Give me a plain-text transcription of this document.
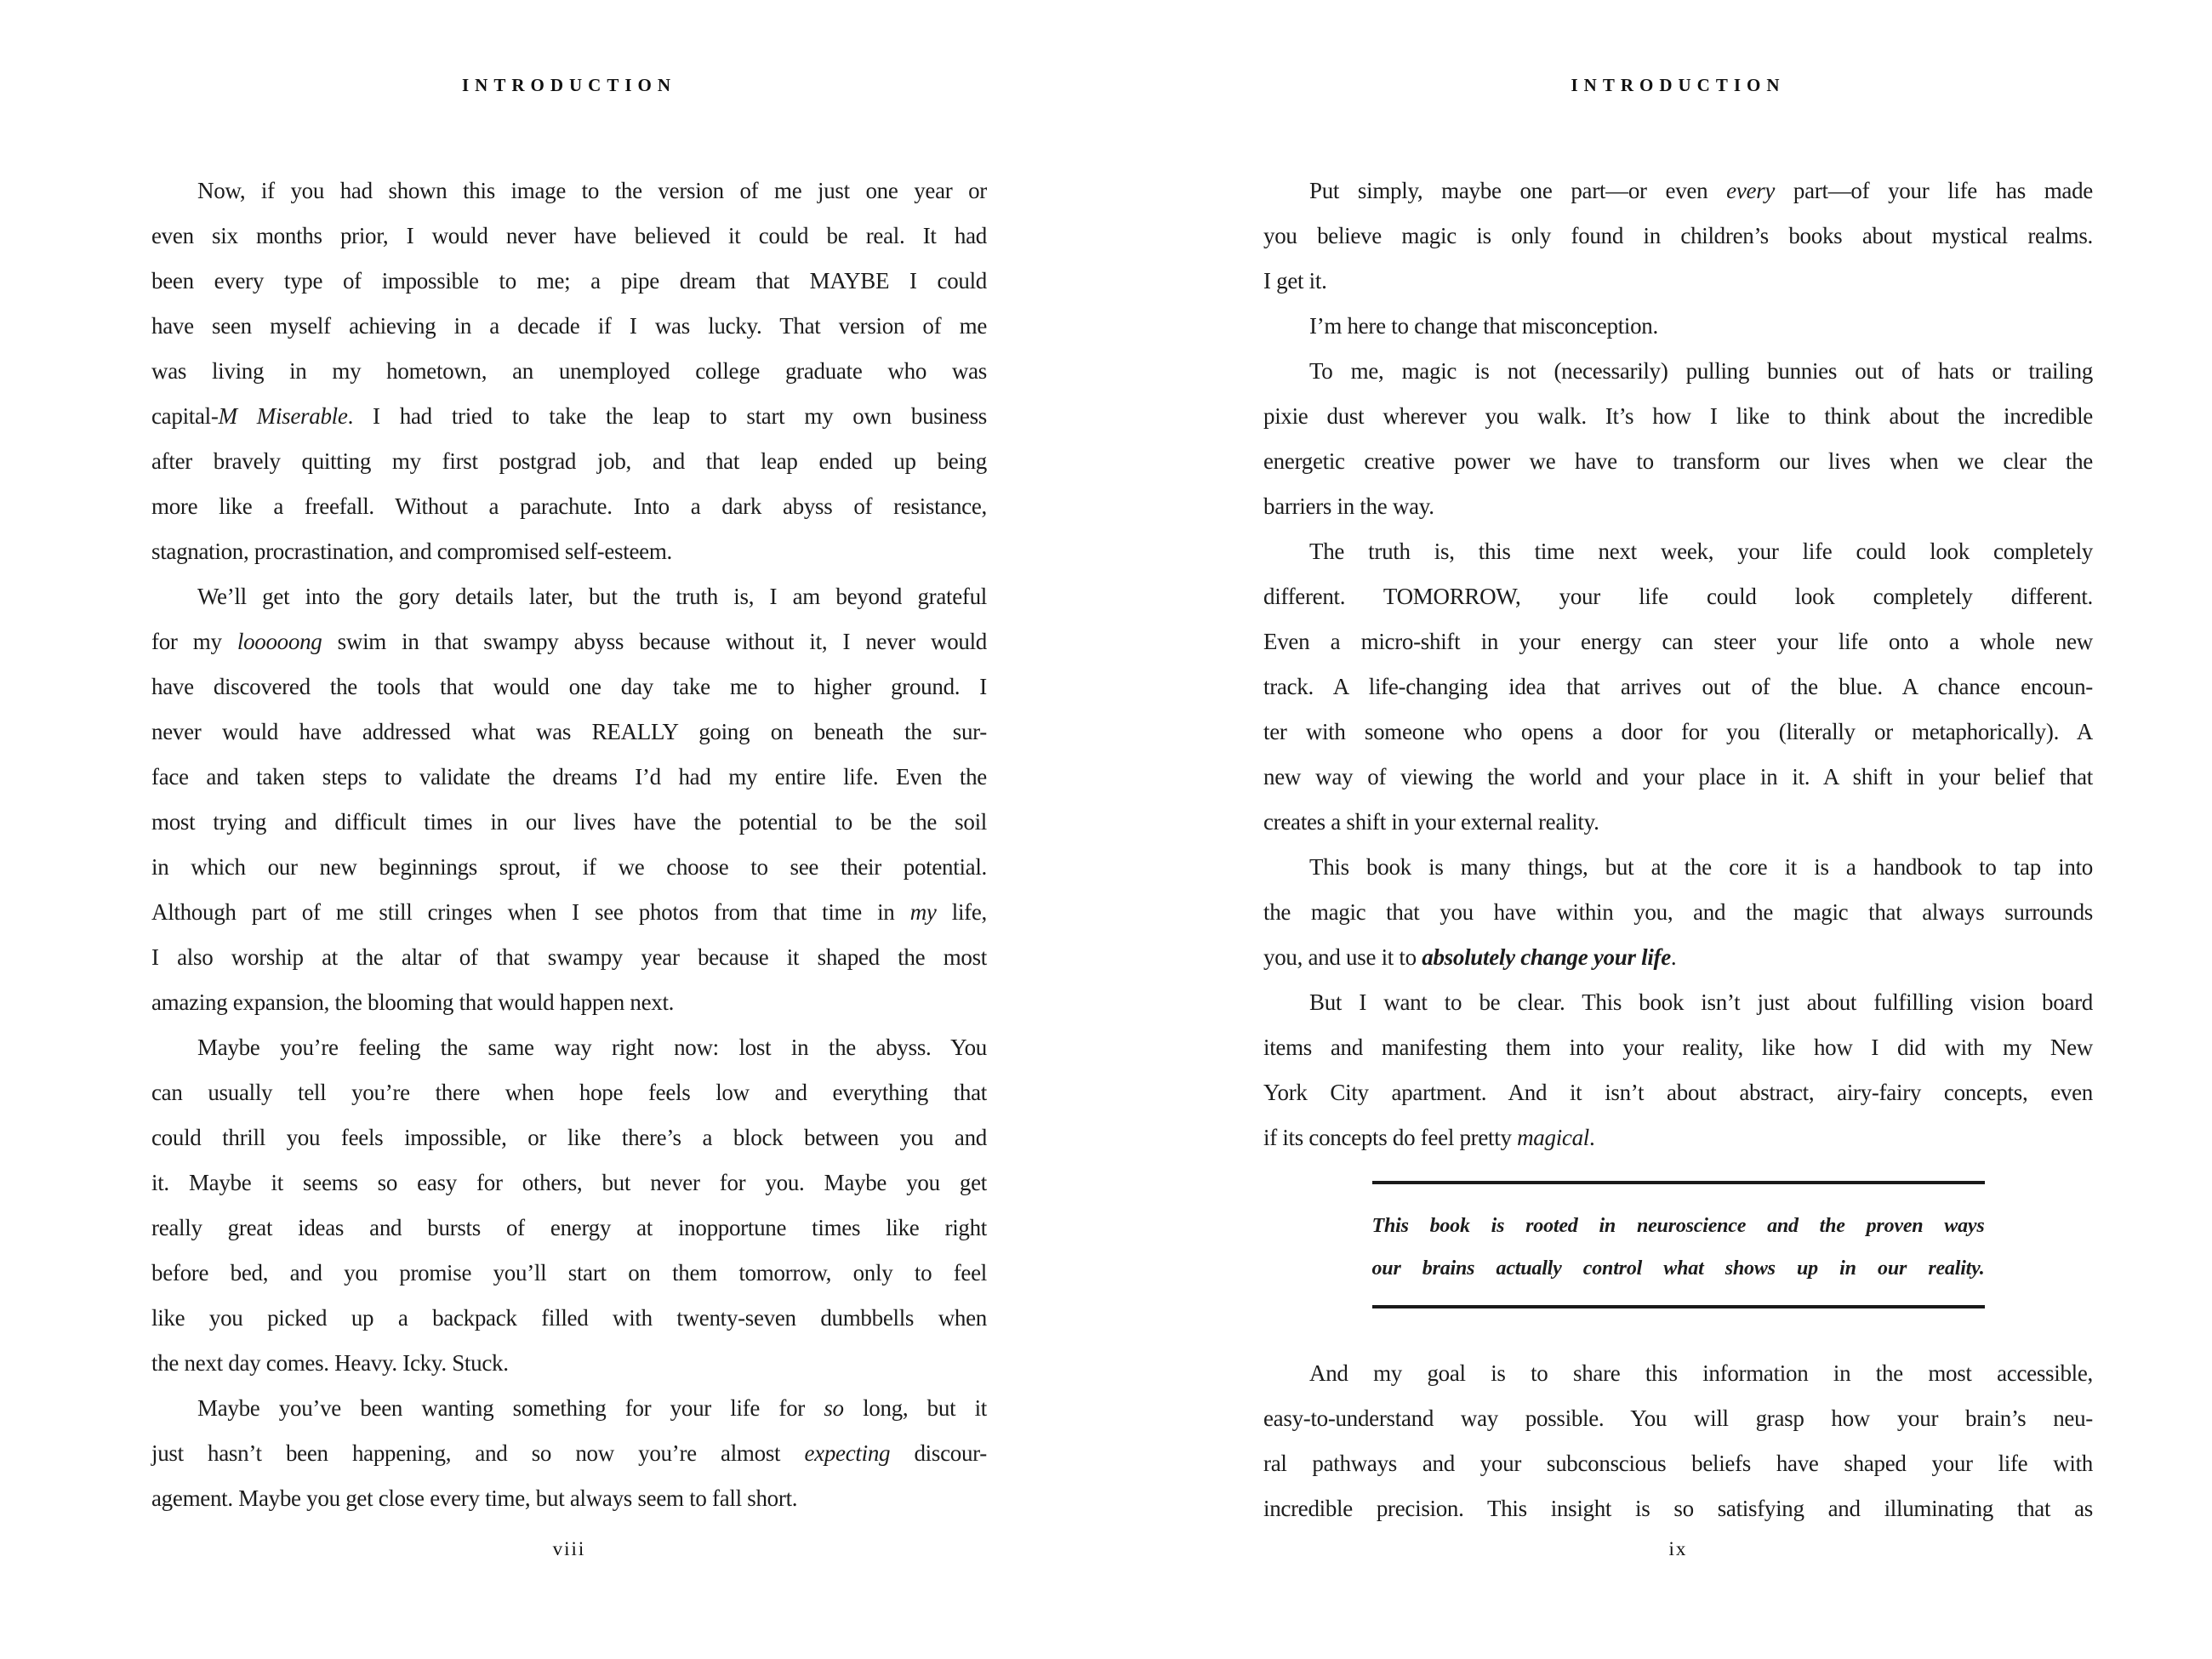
INTRODUCTION
Now, if you had shown this image to the version of me just one year or
even six months prior, I would never have believed it could be real. It had
been every type of impossible to me; a pipe dream that MAYBE I could
have seen myself achieving in a decade if I was lucky. That version of me
was living in my hometown, an unemployed college graduate who was
capital-M Miserable. I had tried to take the leap to start my own business
after bravely quitting my first postgrad job, and that leap ended up being
more like a freefall. Without a parachute. Into a dark abyss of resistance,
stagnation, procrastination, and compromised self-esteem.
We’ll get into the gory details later, but the truth is, I am beyond grateful
for my looooong swim in that swampy abyss because without it, I never would
have discovered the tools that would one day take me to higher ground. I
never would have addressed what was REALLY going on beneath the sur-
face and taken steps to validate the dreams I’d had my entire life. Even the
most trying and difficult times in our lives have the potential to be the soil
in which our new beginnings sprout, if we choose to see their potential.
Although part of me still cringes when I see photos from that time in my life,
I also worship at the altar of that swampy year because it shaped the most
amazing expansion, the blooming that would happen next.
Maybe you’re feeling the same way right now: lost in the abyss. You
can usually tell you’re there when hope feels low and everything that
could thrill you feels impossible, or like there’s a block between you and
it. Maybe it seems so easy for others, but never for you. Maybe you get
really great ideas and bursts of energy at inopportune times like right
before bed, and you promise you’ll start on them tomorrow, only to feel
like you picked up a backpack filled with twenty-seven dumbbells when
the next day comes. Heavy. Icky. Stuck.
Maybe you’ve been wanting something for your life for so long, but it
just hasn’t been happening, and so now you’re almost expecting discour-
agement. Maybe you get close every time, but always seem to fall short.
viii
INTRODUCTION
Put simply, maybe one part—or even every part—of your life has made
you believe magic is only found in children’s books about mystical realms.
I get it.
I’m here to change that misconception.
To me, magic is not (necessarily) pulling bunnies out of hats or trailing
pixie dust wherever you walk. It’s how I like to think about the incredible
energetic creative power we have to transform our lives when we clear the
barriers in the way.
The truth is, this time next week, your life could look completely
different. TOMORROW, your life could look completely different.
Even a micro-shift in your energy can steer your life onto a whole new
track. A life-changing idea that arrives out of the blue. A chance encoun-
ter with someone who opens a door for you (literally or metaphorically). A
new way of viewing the world and your place in it. A shift in your belief that
creates a shift in your external reality.
This book is many things, but at the core it is a handbook to tap into
the magic that you have within you, and the magic that always surrounds
you, and use it to absolutely change your life.
But I want to be clear. This book isn’t just about fulfilling vision board
items and manifesting them into your reality, like how I did with my New
York City apartment. And it isn’t about abstract, airy-fairy concepts, even
if its concepts do feel pretty magical.
This book is rooted in neuroscience and the proven ways
our brains actually control what shows up in our reality.
And my goal is to share this information in the most accessible,
easy-to-understand way possible. You will grasp how your brain’s neu-
ral pathways and your subconscious beliefs have shaped your life with
incredible precision. This insight is so satisfying and illuminating that as
ix
